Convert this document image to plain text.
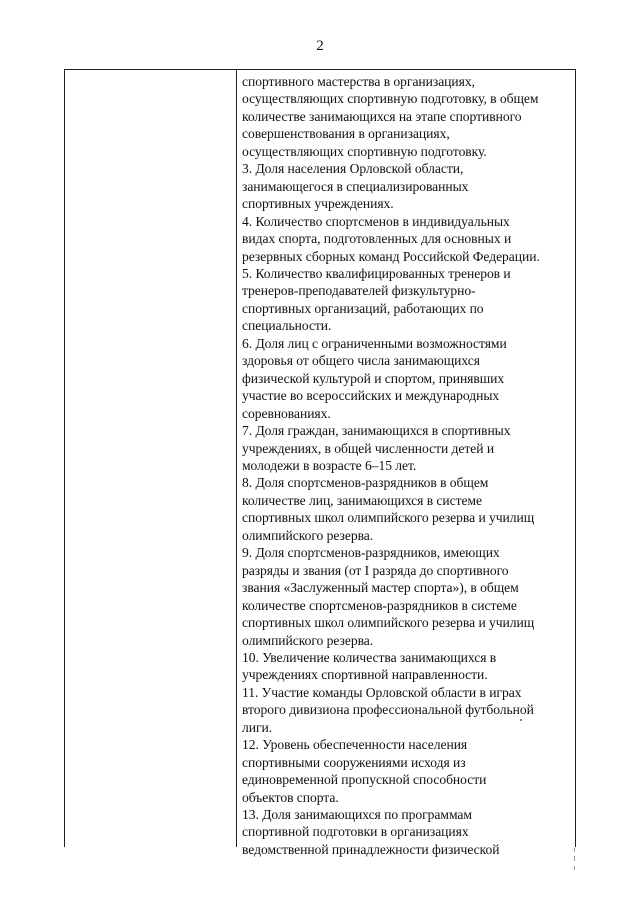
2
спортивного мастерства в организациях,
осуществляющих спортивную подготовку, в общем
количестве занимающихся на этапе спортивного
совершенствования в организациях,
осуществляющих спортивную подготовку.
3. Доля населения Орловской области,
занимающегося в специализированных
спортивных учреждениях.
4. Количество спортсменов в индивидуальных
видах спорта, подготовленных для основных и
резервных сборных команд Российской Федерации.
5. Количество квалифицированных тренеров и
тренеров-преподавателей физкультурно-
спортивных организаций, работающих по
специальности.
6. Доля лиц с ограниченными возможностями
здоровья от общего числа занимающихся
физической культурой и спортом, принявших
участие во всероссийских и международных
соревнованиях.
7. Доля граждан, занимающихся в спортивных
учреждениях, в общей численности детей и
молодежи в возрасте 6–15 лет.
8. Доля спортсменов-разрядников в общем
количестве лиц, занимающихся в системе
спортивных школ олимпийского резерва и училищ
олимпийского резерва.
9. Доля спортсменов-разрядников, имеющих
разряды и звания (от I разряда до спортивного
звания «Заслуженный мастер спорта»), в общем
количестве спортсменов-разрядников в системе
спортивных школ олимпийского резерва и училищ
олимпийского резерва.
10. Увеличение количества занимающихся в
учреждениях спортивной направленности.
11. Участие команды Орловской области в играх
второго дивизиона профессиональной футбольной
лиги.
12. Уровень обеспеченности населения
спортивными сооружениями исходя из
единовременной пропускной способности
объектов спорта.
13. Доля занимающихся по программам
спортивной подготовки в организациях
ведомственной принадлежности физической
